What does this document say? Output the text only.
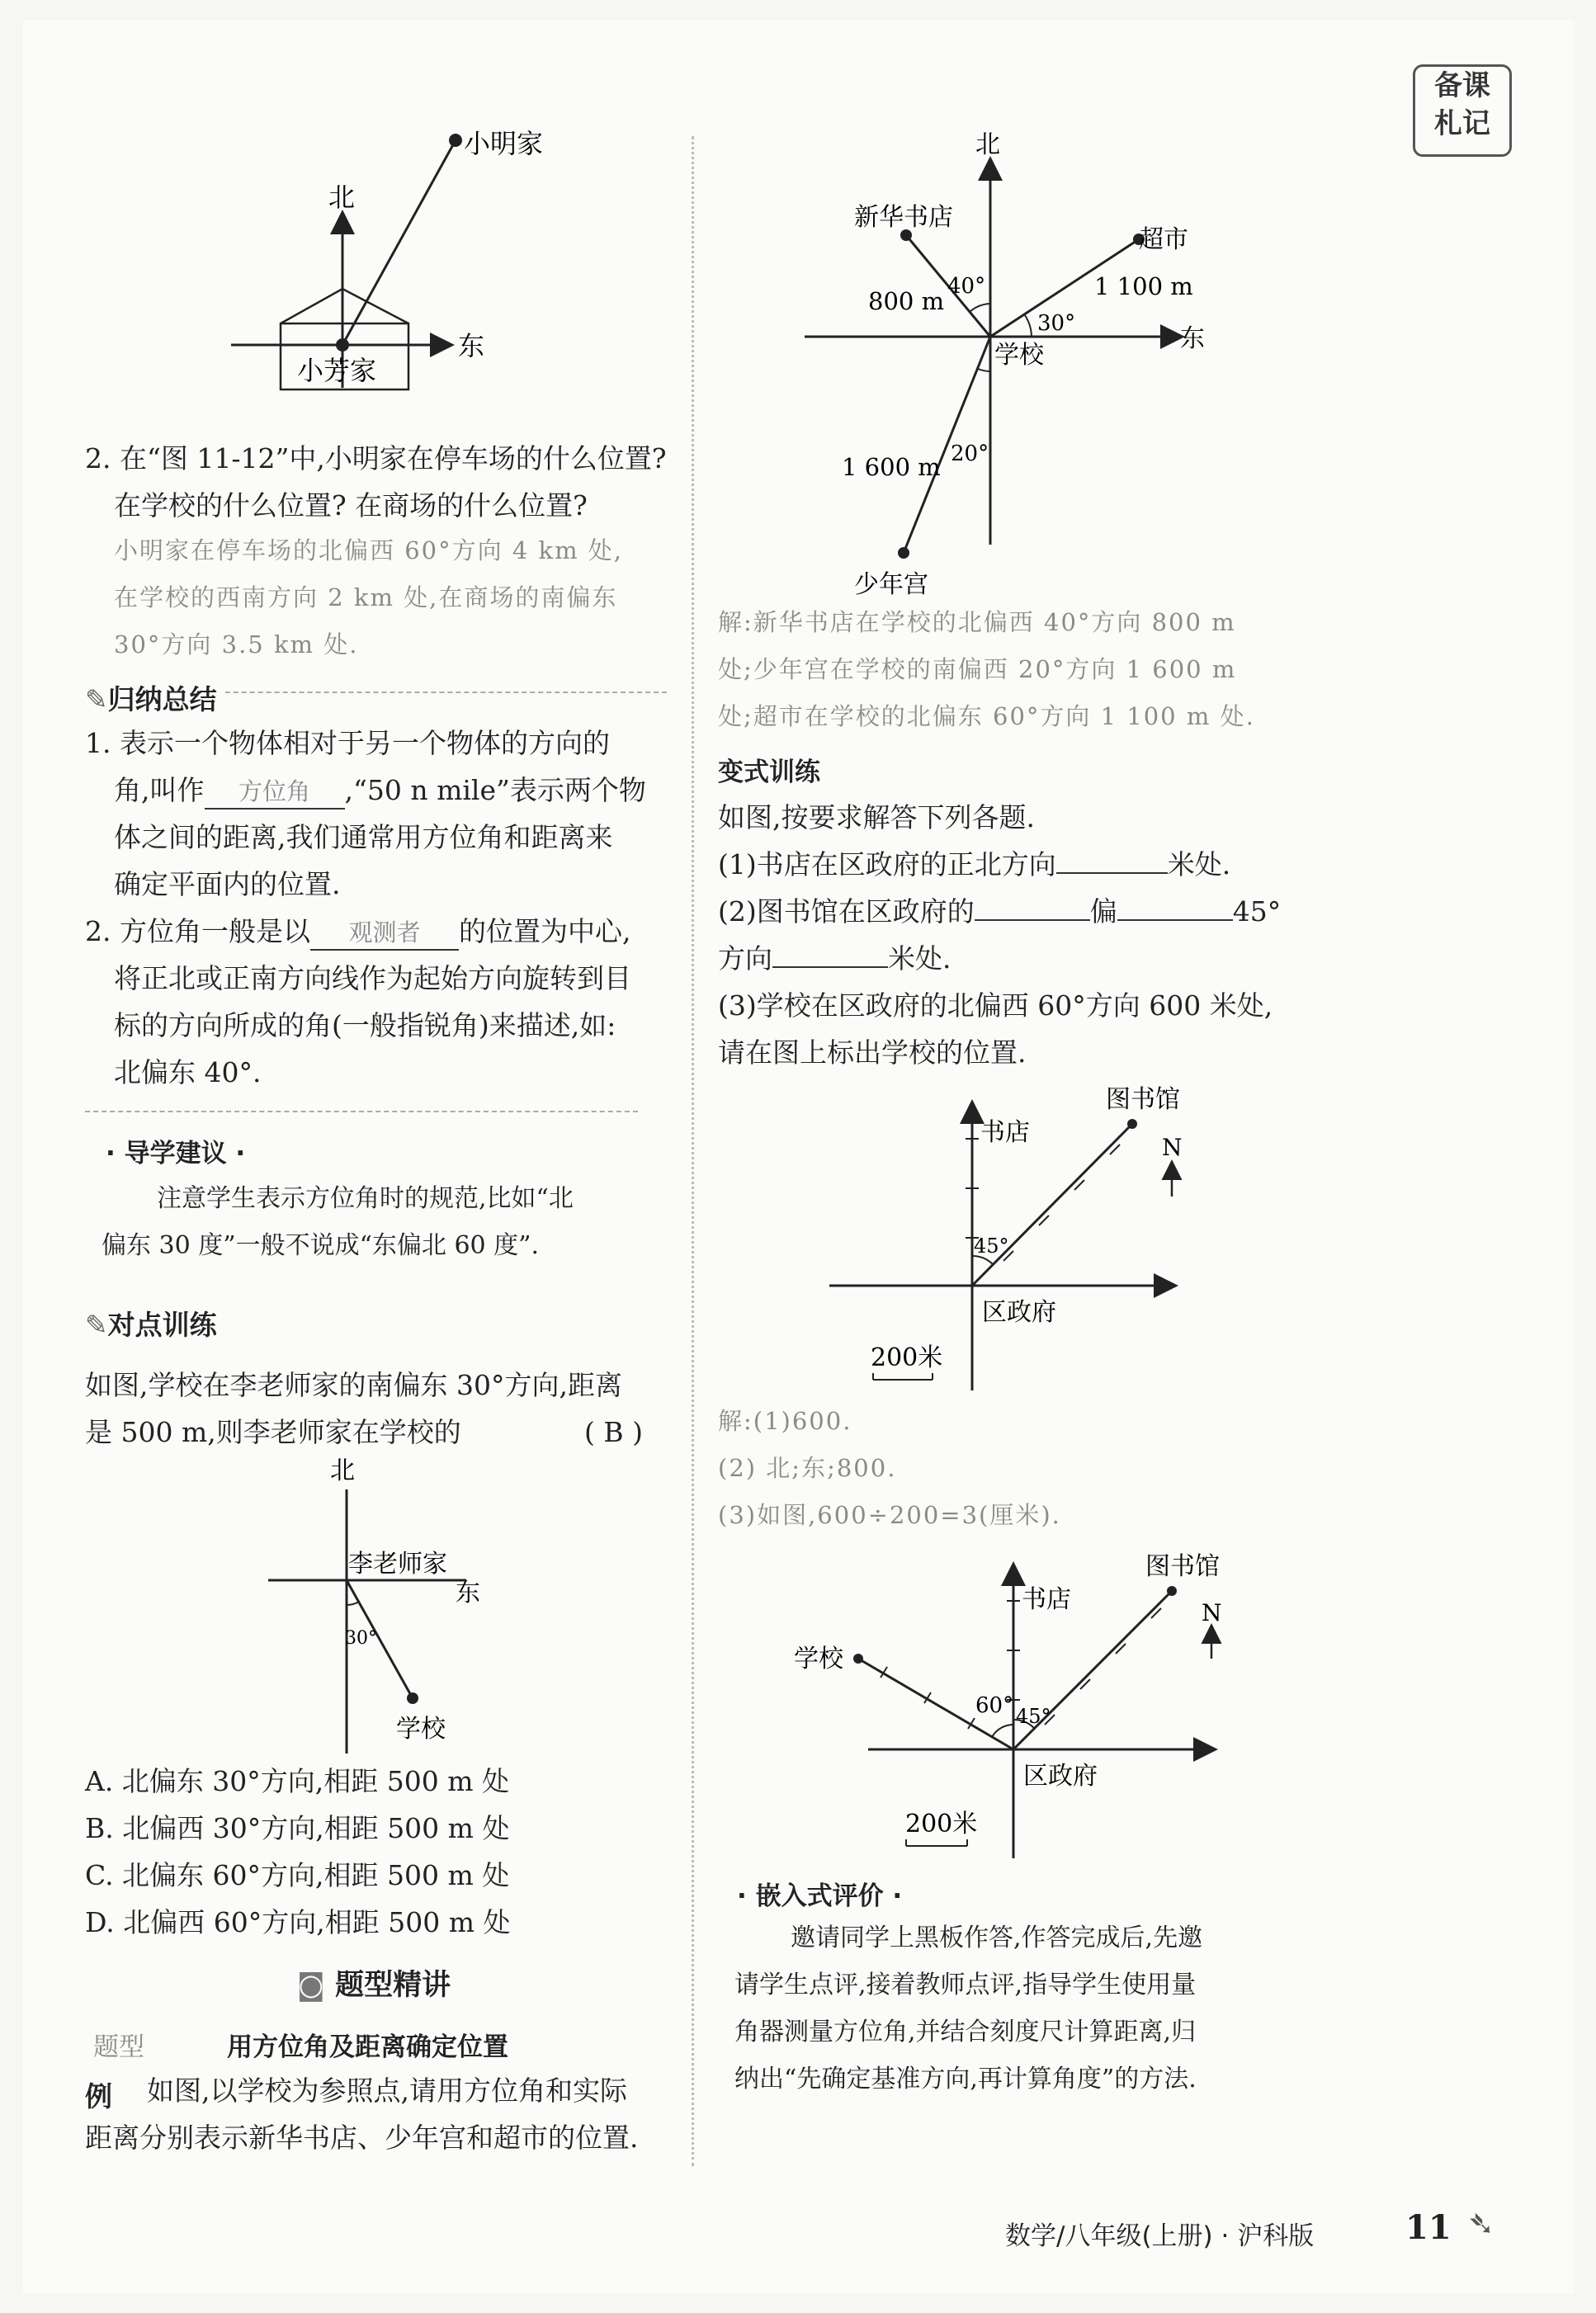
备课
札记
北
东
小明家
小芳家
2. 在“图 11-12”中,小明家在停车场的什么位置?
在学校的什么位置? 在商场的什么位置?
小明家在停车场的北偏西 60°方向 4 km 处,
在学校的西南方向 2 km 处,在商场的南偏东
30°方向 3.5 km 处.
✎归纳总结
1. 表示一个物体相对于另一个物体的方向的
角,叫作 方位角 ,“50 n mile”表示两个物
体之间的距离,我们通常用方位角和距离来
确定平面内的位置.
2. 方位角一般是以 观测者 的位置为中心,
将正北或正南方向线作为起始方向旋转到目
标的方向所成的角(一般指锐角)来描述,如:
北偏东 40°.
· 导学建议 ·
注意学生表示方位角时的规范,比如“北
偏东 30 度”一般不说成“东偏北 60 度”.
✎对点训练
如图,学校在李老师家的南偏东 30°方向,距离
是 500 m,则李老师家在学校的	( B )
北
东
李老师家
学校
30°
A. 北偏东 30°方向,相距 500 m 处
B. 北偏西 30°方向,相距 500 m 处
C. 北偏东 60°方向,相距 500 m 处
D. 北偏西 60°方向,相距 500 m 处
◙ 题型精讲
题型	用方位角及距离确定位置
例 如图,以学校为参照点,请用方位角和实际
距离分别表示新华书店、少年宫和超市的位置.
北
东
新华书店
超市
学校
少年宫
800 m
1 100 m
1 600 m
40°
30°
20°
解:新华书店在学校的北偏西 40°方向 800 m
处;少年宫在学校的南偏西 20°方向 1 600 m
处;超市在学校的北偏东 60°方向 1 100 m 处.
变式训练
如图,按要求解答下列各题.
(1)书店在区政府的正北方向	米处.
(2)图书馆在区政府的	偏	45°
方向	米处.
(3)学校在区政府的北偏西 60°方向 600 米处,
请在图上标出学校的位置.
书店
图书馆
N
区政府
200米
45°
解:(1)600.
(2) 北;东;800.
(3)如图,600÷200=3(厘米).
书店
图书馆
N
区政府
200米
学校
60° 45°
· 嵌入式评价 ·
邀请同学上黑板作答,作答完成后,先邀
请学生点评,接着教师点评,指导学生使用量
角器测量方位角,并结合刻度尺计算距离,归
纳出“先确定基准方向,再计算角度”的方法.
数学/八年级(上册) · 沪科版	11 ➴
